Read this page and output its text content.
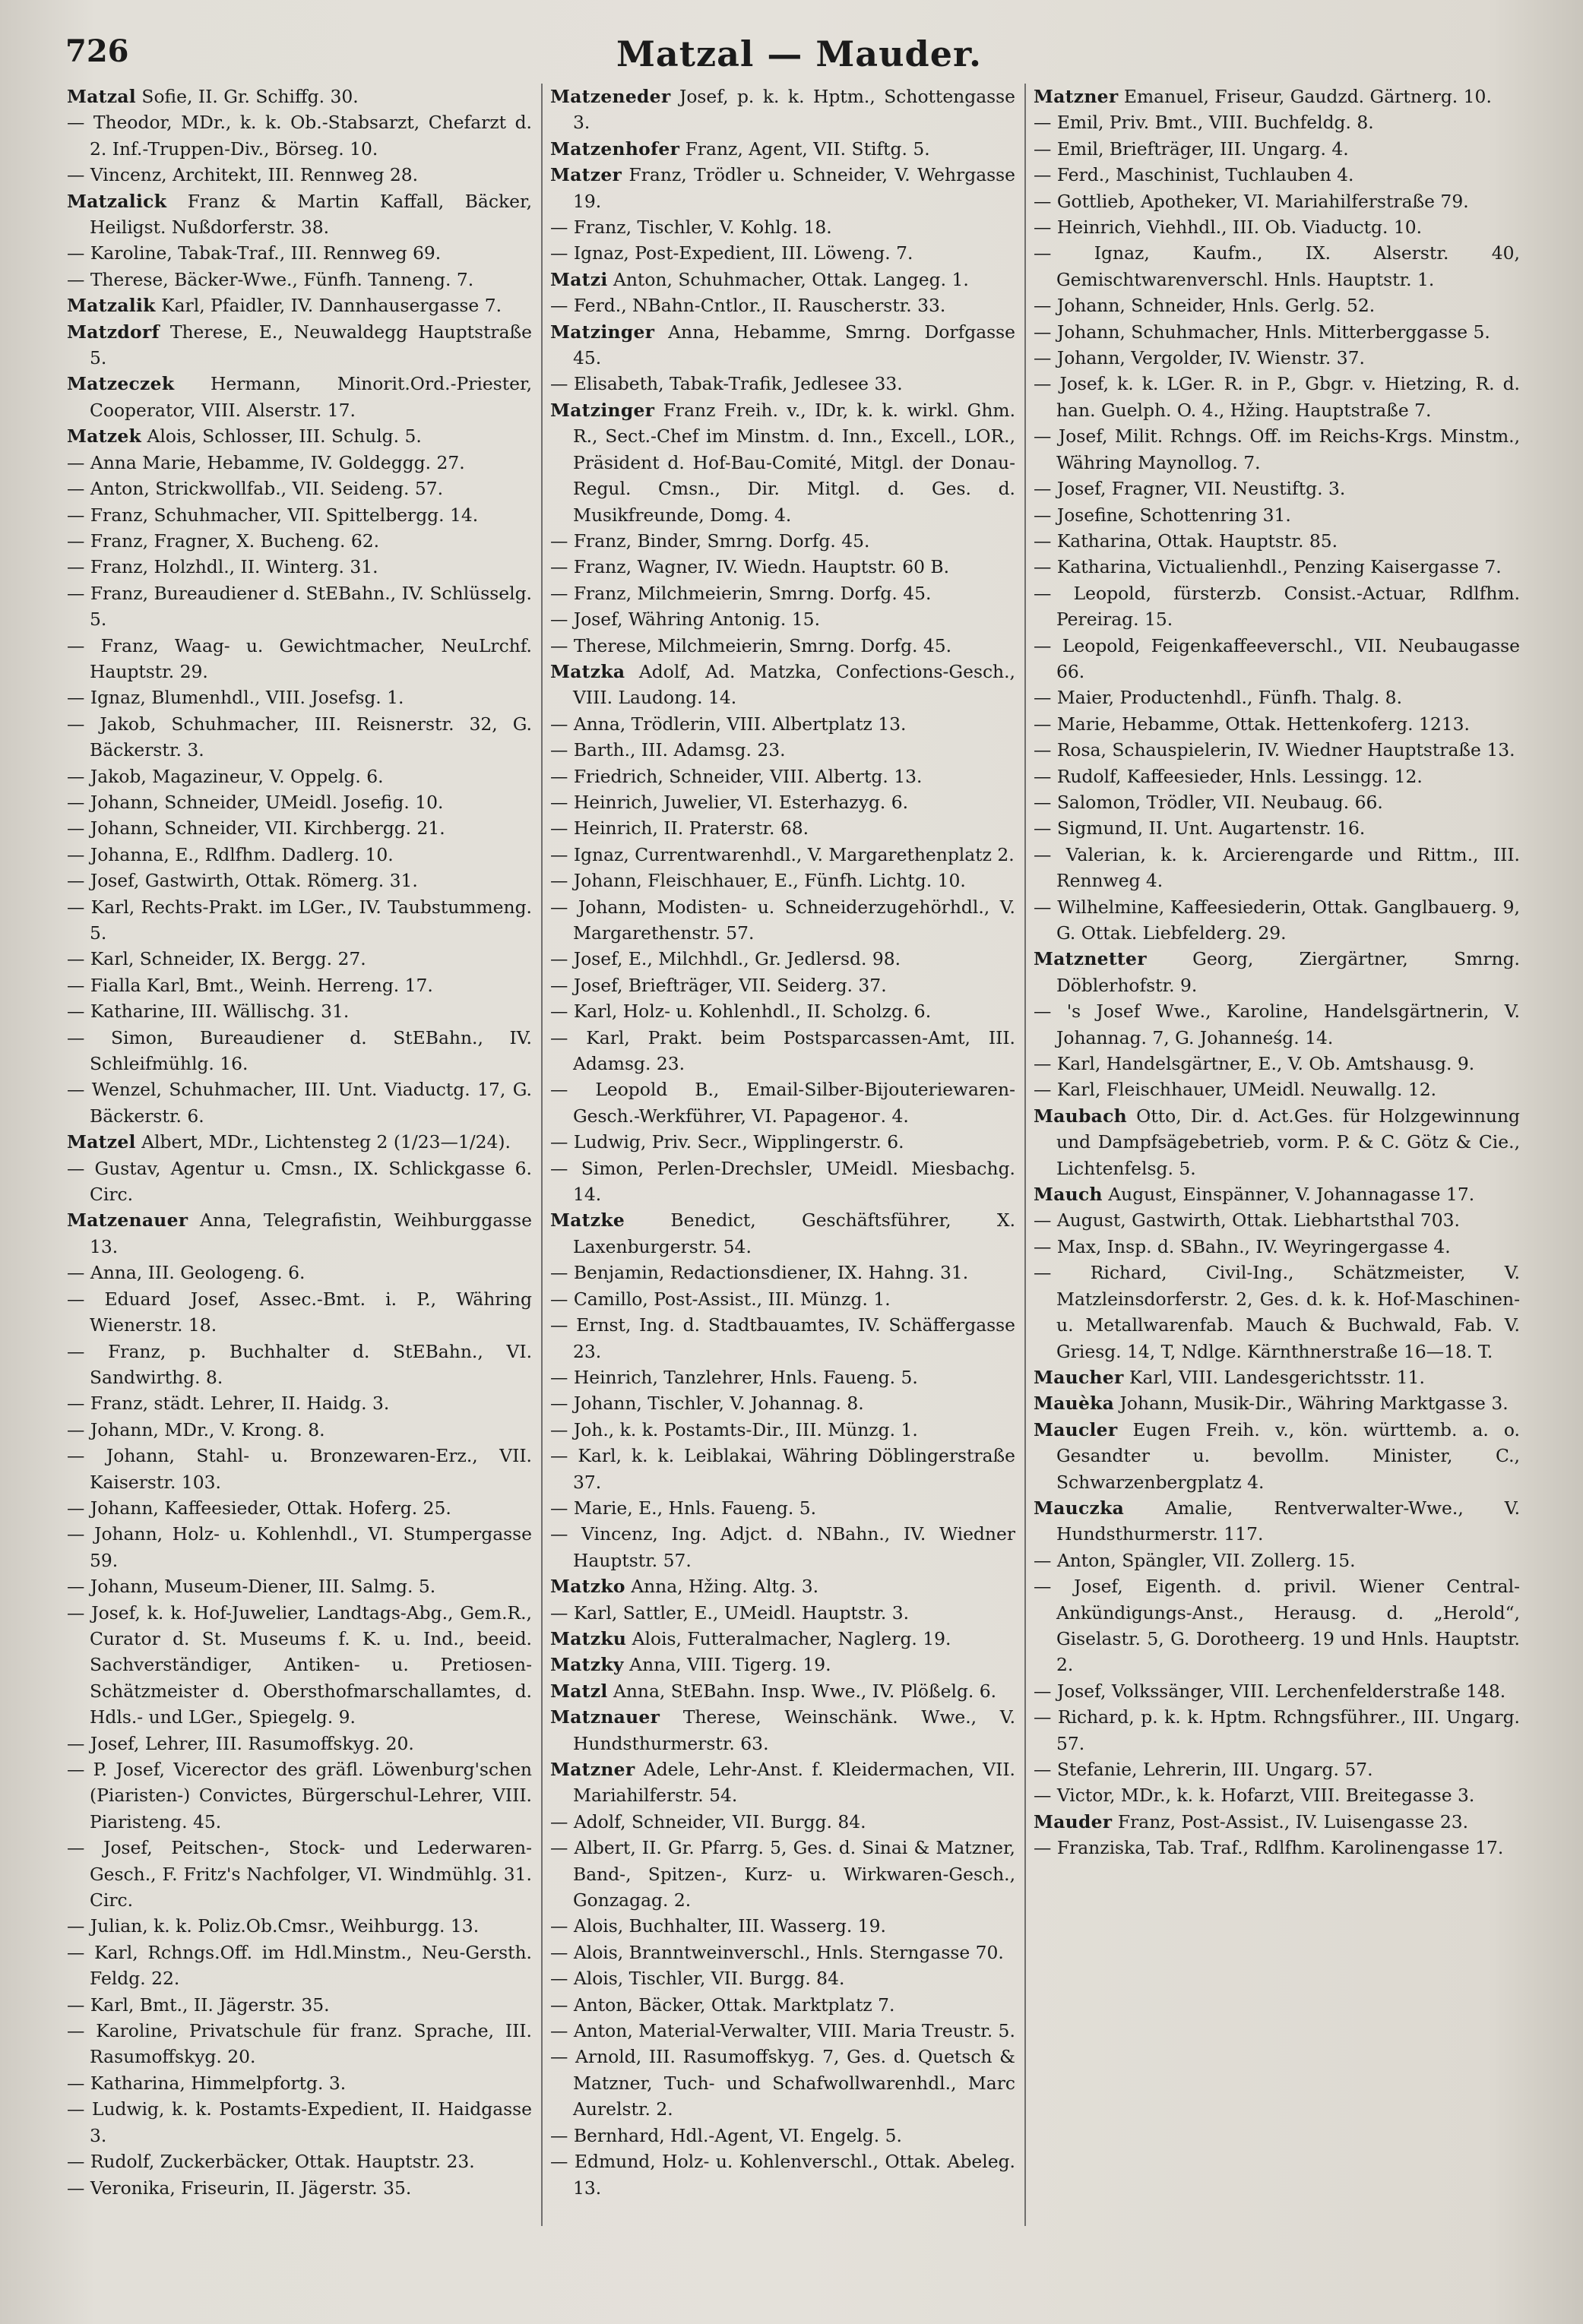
726	Matzal — Mauder.

Matzal Sofie, II. Gr. Schiffg. 30.

— Theodor, MDr., k. k. Ob.-Stabsarzt, Chefarzt d. 2. Inf.-Truppen-Div., Börseg. 10.

— Vincenz, Architekt, III. Rennweg 28.

Matzalick Franz & Martin Kaffall, Bäcker, Heiligst. Nußdorferstr. 38.

— Karoline, Tabak-Traf., III. Rennweg 69.

— Therese, Bäcker-Wwe., Fünfh. Tanneng. 7.

Matzalik Karl, Pfaidler, IV. Dannhausergasse 7.

Matzdorf Therese, E., Neuwaldegg Hauptstraße 5.

Matzeczek Hermann, Minorit.Ord.-Priester, Cooperator, VIII. Alserstr. 17.

Matzek Alois, Schlosser, III. Schulg. 5.

— Anna Marie, Hebamme, IV. Goldeggg. 27.

— Anton, Strickwollfab., VII. Seideng. 57.

— Franz, Schuhmacher, VII. Spittelbergg. 14.

— Franz, Fragner, X. Bucheng. 62.

— Franz, Holzhdl., II. Winterg. 31.

— Franz, Bureaudiener d. StEBahn., IV. Schlüsselg. 5.

— Franz, Waag- u. Gewichtmacher, NeuLrchf. Hauptstr. 29.

— Ignaz, Blumenhdl., VIII. Josefsg. 1.

— Jakob, Schuhmacher, III. Reisnerstr. 32, G. Bäckerstr. 3.

— Jakob, Magazineur, V. Oppelg. 6.

— Johann, Schneider, UMeidl. Josefig. 10.

— Johann, Schneider, VII. Kirchbergg. 21.

— Johanna, E., Rdlfhm. Dadlerg. 10.

— Josef, Gastwirth, Ottak. Römerg. 31.

— Karl, Rechts-Prakt. im LGer., IV. Taubstummeng. 5.

— Karl, Schneider, IX. Bergg. 27.

— Fialla Karl, Bmt., Weinh. Herreng. 17.

— Katharine, III. Wällischg. 31.

— Simon, Bureaudiener d. StEBahn., IV. Schleifmühlg. 16.

— Wenzel, Schuhmacher, III. Unt. Viaductg. 17, G. Bäckerstr. 6.

Matzel Albert, MDr., Lichtensteg 2 (1/23—1/24).

— Gustav, Agentur u. Cmsn., IX. Schlickgasse 6. Circ.

Matzenauer Anna, Telegrafistin, Weihburggasse 13.

— Anna, III. Geologeng. 6.

— Eduard Josef, Assec.-Bmt. i. P., Währing Wienerstr. 18.

— Franz, p. Buchhalter d. StEBahn., VI. Sandwirthg. 8.

— Franz, städt. Lehrer, II. Haidg. 3.

— Johann, MDr., V. Krong. 8.

— Johann, Stahl- u. Bronzewaren-Erz., VII. Kaiserstr. 103.

— Johann, Kaffeesieder, Ottak. Hoferg. 25.

— Johann, Holz- u. Kohlenhdl., VI. Stumpergasse 59.

— Johann, Museum-Diener, III. Salmg. 5.

— Josef, k. k. Hof-Juwelier, Landtags-Abg., Gem.R., Curator d. St. Museums f. K. u. Ind., beeid. Sachverständiger, Antiken- u. Pretiosen-Schätzmeister d. Obersthofmarschallamtes, d. Hdls.- und LGer., Spiegelg. 9.

— Josef, Lehrer, III. Rasumoffskyg. 20.

— P. Josef, Vicerector des gräfl. Löwenburg'schen (Piaristen-) Convictes, Bürgerschul-Lehrer, VIII. Piaristeng. 45.

— Josef, Peitschen-, Stock- und Lederwaren-Gesch., F. Fritz's Nachfolger, VI. Windmühlg. 31. Circ.

— Julian, k. k. Poliz.Ob.Cmsr., Weihburgg. 13.

— Karl, Rchngs.Off. im Hdl.Minstm., Neu-Gersth. Feldg. 22.

— Karl, Bmt., II. Jägerstr. 35.

— Karoline, Privatschule für franz. Sprache, III. Rasumoffskyg. 20.

— Katharina, Himmelpfortg. 3.

— Ludwig, k. k. Postamts-Expedient, II. Haidgasse 3.

— Rudolf, Zuckerbäcker, Ottak. Hauptstr. 23.

— Veronika, Friseurin, II. Jägerstr. 35.

Matzeneder Josef, p. k. k. Hptm., Schottengasse 3.

Matzenhofer Franz, Agent, VII. Stiftg. 5.

Matzer Franz, Trödler u. Schneider, V. Wehrgasse 19.

— Franz, Tischler, V. Kohlg. 18.

— Ignaz, Post-Expedient, III. Löweng. 7.

Matzi Anton, Schuhmacher, Ottak. Langeg. 1.

— Ferd., NBahn-Cntlor., II. Rauscherstr. 33.

Matzinger Anna, Hebamme, Smrng. Dorfgasse 45.

— Elisabeth, Tabak-Trafik, Jedlesee 33.

Matzinger Franz Freih. v., IDr, k. k. wirkl. Ghm. R., Sect.-Chef im Minstm. d. Inn., Excell., LOR., Präsident d. Hof-Bau-Comité, Mitgl. der Donau-Regul. Cmsn., Dir. Mitgl. d. Ges. d. Musikfreunde, Domg. 4.

— Franz, Binder, Smrng. Dorfg. 45.

— Franz, Wagner, IV. Wiedn. Hauptstr. 60 B.

— Franz, Milchmeierin, Smrng. Dorfg. 45.

— Josef, Währing Antonig. 15.

— Therese, Milchmeierin, Smrng. Dorfg. 45.

Matzka Adolf, Ad. Matzka, Confections-Gesch., VIII. Laudong. 14.

— Anna, Trödlerin, VIII. Albertplatz 13.

— Barth., III. Adamsg. 23.

— Friedrich, Schneider, VIII. Albertg. 13.

— Heinrich, Juwelier, VI. Esterhazyg. 6.

— Heinrich, II. Praterstr. 68.

— Ignaz, Currentwarenhdl., V. Margarethenplatz 2.

— Johann, Fleischhauer, E., Fünfh. Lichtg. 10.

— Johann, Modisten- u. Schneiderzugehörhdl., V. Margarethenstr. 57.

— Josef, E., Milchhdl., Gr. Jedlersd. 98.

— Josef, Briefträger, VII. Seiderg. 37.

— Karl, Holz- u. Kohlenhdl., II. Scholzg. 6.

— Karl, Prakt. beim Postsparcassen-Amt, III. Adamsg. 23.

— Leopold B., Email-Silber-Bijouteriewaren-Gesch.-Werkführer, VI. Papageног. 4.

— Ludwig, Priv. Secr., Wipplingerstr. 6.

— Simon, Perlen-Drechsler, UMeidl. Miesbachg. 14.

Matzke	Benedict, Geschäftsführer, X. Laxenburgerstr. 54.

— Benjamin, Redactionsdiener, IX. Hahng. 31.

— Camillo, Post-Assist., III. Münzg. 1.

— Ernst, Ing. d. Stadtbauamtes, IV. Schäffergasse 23.

— Heinrich, Tanzlehrer, Hnls. Faueng. 5.

— Johann, Tischler, V. Johannag. 8.

— Joh., k. k. Postamts-Dir., III. Münzg. 1.

— Karl, k. k. Leiblakai, Währing Döblingerstraße 37.

— Marie, E., Hnls. Faueng. 5.

— Vincenz, Ing. Adjct. d. NBahn., IV. Wiedner Hauptstr. 57.

Matzko Anna, Hžing. Altg. 3.

— Karl, Sattler, E., UMeidl. Hauptstr. 3.

Matzku Alois, Futteralmacher, Naglerg. 19.

Matzky Anna, VIII. Tigerg. 19.

Matzl Anna, StEBahn. Insp. Wwe., IV. Plößelg. 6.

Matznauer Therese, Weinschänk. Wwe., V. Hundsthurmerstr. 63.

Matzner Adele, Lehr-Anst. f. Kleidermachen, VII. Mariahilferstr. 54.

— Adolf, Schneider, VII. Burgg. 84.

— Albert, II. Gr. Pfarrg. 5, Ges. d. Sinai & Matzner, Band-, Spitzen-, Kurz- u. Wirkwaren-Gesch., Gonzagag. 2.

— Alois, Buchhalter, III. Wasserg. 19.

— Alois, Branntweinverschl., Hnls. Sterngasse 70.

— Alois, Tischler, VII. Burgg. 84.

— Anton, Bäcker, Ottak. Marktplatz 7.

— Anton, Material-Verwalter, VIII. Maria Treustr. 5.

— Arnold, III. Rasumoffskyg. 7, Ges. d. Quetsch & Matzner, Tuch- und Schafwollwarenhdl., Marc Aurelstr. 2.

— Bernhard, Hdl.-Agent, VI. Engelg. 5.

— Edmund, Holz- u. Kohlenverschl., Ottak. Abeleg. 13.

Matzner Emanuel, Friseur, Gaudzd. Gärtnerg. 10.

— Emil, Priv. Bmt., VIII. Buchfeldg. 8.

— Emil, Briefträger, III. Ungarg. 4.

— Ferd., Maschinist, Tuchlauben 4.

— Gottlieb, Apotheker, VI. Mariahilferstraße 79.

— Heinrich, Viehhdl., III. Ob. Viaductg. 10.

— Ignaz, Kaufm., IX. Alserstr. 40, Gemischtwarenverschl. Hnls. Hauptstr. 1.

— Johann, Schneider, Hnls. Gerlg. 52.

— Johann, Schuhmacher, Hnls. Mitterberggasse 5.

— Johann, Vergolder, IV. Wienstr. 37.

— Josef, k. k. LGer. R. in P., Gbgr. v. Hietzing, R. d. han. Guelph. O. 4., Hžing. Hauptstraße 7.

— Josef, Milit. Rchngs. Off. im Reichs-Krgs. Minstm., Währing Maynollog. 7.

— Josef, Fragner, VII. Neustiftg. 3.

— Josefine, Schottenring 31.

— Katharina, Ottak. Hauptstr. 85.

— Katharina, Victualienhdl., Penzing Kaisergasse 7.

— Leopold, fürsterzb. Consist.-Actuar, Rdlfhm. Pereirag. 15.

— Leopold, Feigenkaffeeverschl., VII. Neubaugasse 66.

— Maier, Productenhdl., Fünfh. Thalg. 8.

— Marie, Hebamme, Ottak. Hettenkoferg. 1213.

— Rosa, Schauspielerin, IV. Wiedner Hauptstraße 13.

— Rudolf, Kaffeesieder, Hnls. Lessingg. 12.

— Salomon, Trödler, VII. Neubaug. 66.

— Sigmund, II. Unt. Augartenstr. 16.

— Valerian, k. k. Arcierengarde und Rittm., III. Rennweg 4.

— Wilhelmine, Kaffeesiederin, Ottak. Ganglbauerg. 9, G. Ottak. Liebfelderg. 29.

Matznetter	Georg, Ziergärtner, Smrng. Döblerhofstr. 9.

— 's Josef Wwe., Karoline, Handelsgärtnerin, V. Johannag. 7, G. Johanneśg. 14.

— Karl, Handelsgärtner, E., V. Ob. Amtshausg. 9.

— Karl, Fleischhauer, UMeidl. Neuwallg. 12.

Maubach Otto, Dir. d. Act.Ges. für Holzgewinnung und Dampfsägebetrieb, vorm. P. & C. Götz & Cie., Lichtenfelsg. 5.

Mauch August, Einspänner, V. Johannagasse 17.

— August, Gastwirth, Ottak. Liebhartsthal 703.

— Max, Insp. d. SBahn., IV. Weyringergasse 4.

— Richard, Civil-Ing., Schätzmeister, V. Matzleinsdorferstr. 2, Ges. d. k. k. Hof-Maschinen- u. Metallwarenfab. Mauch & Buchwald, Fab. V. Griesg. 14, T, Ndlge. Kärnthnerstraße 16—18. T.

Maucher Karl, VIII. Landesgerichtsstr. 11.

Mauèka Johann, Musik-Dir., Währing Marktgasse 3.

Maucler Eugen Freih. v., kön. württemb. a. o. Gesandter u. bevollm. Minister, C., Schwarzenbergplatz 4.

Mauczka Amalie, Rentverwalter-Wwe., V. Hundsthurmerstr. 117.

— Anton, Spängler, VII. Zollerg. 15.

— Josef, Eigenth. d. privil. Wiener Central-Ankündigungs-Anst., Herausg. d. „Herold“, Giselastr. 5, G. Dorotheerg. 19 und Hnls. Hauptstr. 2.

— Josef, Volkssänger, VIII. Lerchenfelderstraße 148.

— Richard, p. k. k. Hptm. Rchngsführer., III. Ungarg. 57.

— Stefanie, Lehrerin, III. Ungarg. 57.

— Victor, MDr., k. k. Hofarzt, VIII. Breitegasse 3.

Mauder Franz, Post-Assist., IV. Luisengasse 23.

— Franziska, Tab. Traf., Rdlfhm. Karolinengasse 17.
